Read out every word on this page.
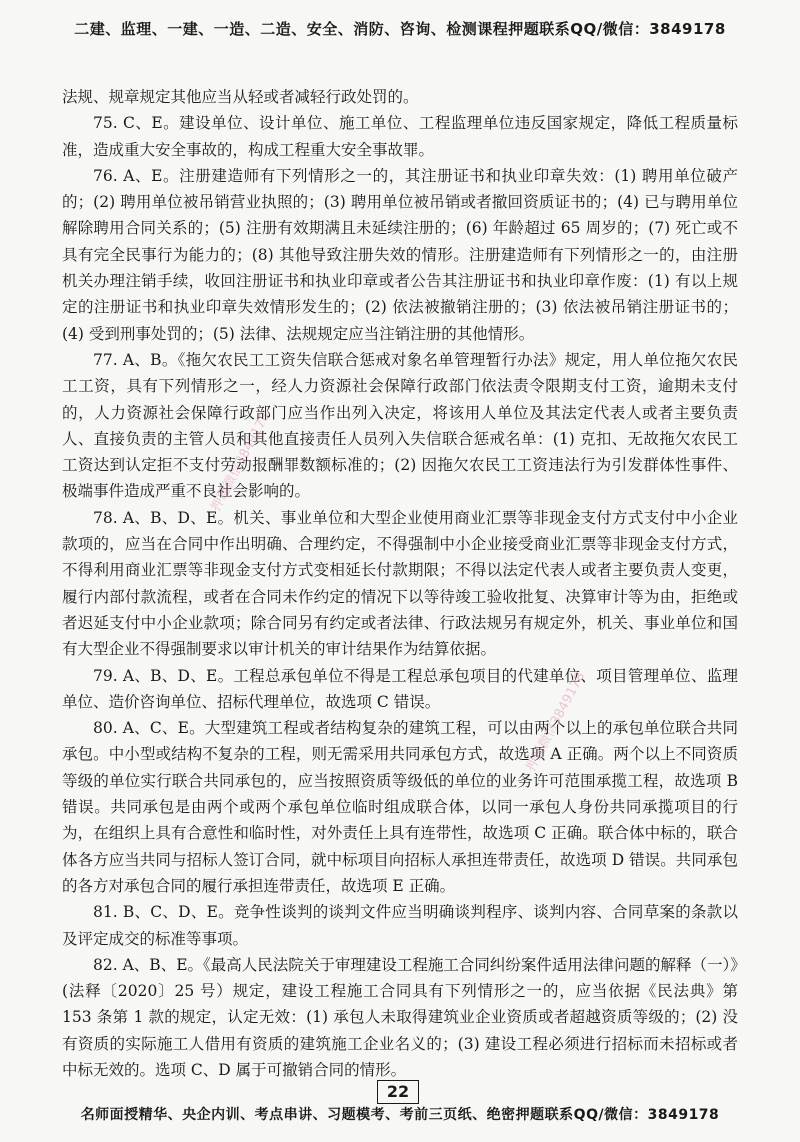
二建、监理、一建、一造、二造、安全、消防、咨询、检测课程押题联系QQ/微信：3849178

法规、规章规定其他应当从轻或者减轻行政处罚的。

75. C、E。建设单位、设计单位、施工单位、工程监理单位违反国家规定，降低工程质量标准，造成重大安全事故的，构成工程重大安全事故罪。

76. A、E。注册建造师有下列情形之一的，其注册证书和执业印章失效：(1) 聘用单位破产的；(2) 聘用单位被吊销营业执照的；(3) 聘用单位被吊销或者撤回资质证书的；(4) 已与聘用单位解除聘用合同关系的；(5) 注册有效期满且未延续注册的；(6) 年龄超过 65 周岁的；(7) 死亡或不具有完全民事行为能力的；(8) 其他导致注册失效的情形。注册建造师有下列情形之一的，由注册机关办理注销手续，收回注册证书和执业印章或者公告其注册证书和执业印章作废：(1) 有以上规定的注册证书和执业印章失效情形发生的；(2) 依法被撤销注册的；(3) 依法被吊销注册证书的；(4) 受到刑事处罚的；(5) 法律、法规规定应当注销注册的其他情形。

77. A、B。《拖欠农民工工资失信联合惩戒对象名单管理暂行办法》规定，用人单位拖欠农民工工资，具有下列情形之一，经人力资源社会保障行政部门依法责令限期支付工资，逾期未支付的，人力资源社会保障行政部门应当作出列入决定，将该用人单位及其法定代表人或者主要负责人、直接负责的主管人员和其他直接责任人员列入失信联合惩戒名单：(1) 克扣、无故拖欠农民工工资达到认定拒不支付劳动报酬罪数额标准的；(2) 因拖欠农民工工资违法行为引发群体性事件、极端事件造成严重不良社会影响的。

78. A、B、D、E。机关、事业单位和大型企业使用商业汇票等非现金支付方式支付中小企业款项的，应当在合同中作出明确、合理约定，不得强制中小企业接受商业汇票等非现金支付方式，不得利用商业汇票等非现金支付方式变相延长付款期限；不得以法定代表人或者主要负责人变更，履行内部付款流程，或者在合同未作约定的情况下以等待竣工验收批复、决算审计等为由，拒绝或者迟延支付中小企业款项；除合同另有约定或者法律、行政法规另有规定外，机关、事业单位和国有大型企业不得强制要求以审计机关的审计结果作为结算依据。

79. A、B、D、E。工程总承包单位不得是工程总承包项目的代建单位、项目管理单位、监理单位、造价咨询单位、招标代理单位，故选项 C 错误。

80. A、C、E。大型建筑工程或者结构复杂的建筑工程，可以由两个以上的承包单位联合共同承包。中小型或结构不复杂的工程，则无需采用共同承包方式，故选项 A 正确。两个以上不同资质等级的单位实行联合共同承包的，应当按照资质等级低的单位的业务许可范围承揽工程，故选项 B 错误。共同承包是由两个或两个承包单位临时组成联合体，以同一承包人身份共同承揽项目的行为，在组织上具有合意性和临时性，对外责任上具有连带性，故选项 C 正确。联合体中标的，联合体各方应当共同与招标人签订合同，就中标项目向招标人承担连带责任，故选项 D 错误。共同承包的各方对承包合同的履行承担连带责任，故选项 E 正确。

81. B、C、D、E。竞争性谈判的谈判文件应当明确谈判程序、谈判内容、合同草案的条款以及评定成交的标准等事项。

82. A、B、E。《最高人民法院关于审理建设工程施工合同纠纷案件适用法律问题的解释（一）》(法释〔2020〕25 号）规定，建设工程施工合同具有下列情形之一的，应当依据《民法典》第 153 条第 1 款的规定，认定无效：(1) 承包人未取得建筑业企业资质或者超越资质等级的；(2) 没有资质的实际施工人借用有资质的建筑施工企业名义的；(3) 建设工程必须进行招标而未招标或者中标无效的。选项 C、D 属于可撤销合同的情形。

押题微信3849178
押题微信3849178
22
名师面授精华、央企内训、考点串讲、习题模考、考前三页纸、绝密押题联系QQ/微信：3849178
